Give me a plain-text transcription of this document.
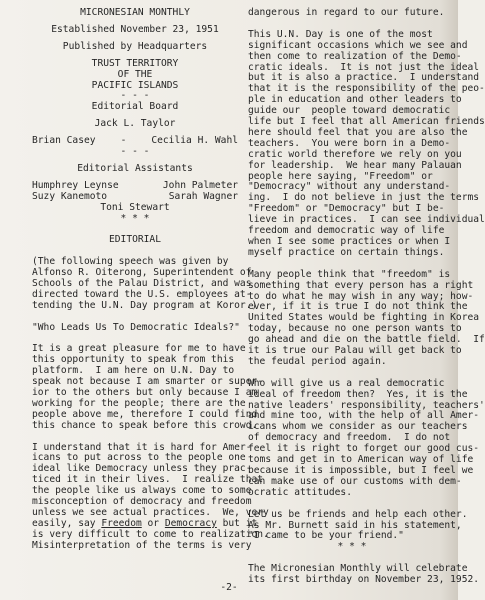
MICRONESIAN MONTHLY

Established November 23, 1951

Published by Headquarters

TRUST TERRITORY

OF THE

PACIFIC ISLANDS

- - -

Editorial Board

Jack L. Taylor

Brian Casey	-	Cecilia H. Wahl

- - -

Editorial Assistants

Humphrey Leynse	John Palmeter
Suzy Kanemoto	Sarah Wagner

Toni Stewart

* * *

EDITORIAL

(The following speech was given by

Alfonso R. Oiterong, Superintendent of

Schools of the Palau District, and was

directed toward the U.S. employees at-

tending the U.N. Day program at Koror.)

"Who Leads Us To Democratic Ideals?"

It is a great pleasure for me to have

this opportunity to speak from this

platform.  I am here on U.N. Day to

speak not because I am smarter or super-

ior to the others but only because I am

working for the people; there are the

people above me, therefore I could find

this chance to speak before this crowd.

I understand that it is hard for Amer-

icans to put across to the people one

ideal like Democracy unless they prac-

ticed it in their lives.  I realize that

the people like us always come to some

misconception of democracy and freedom

unless we see actual practices.  We, very

easily, say Freedom or Democracy but it

is very difficult to come to realization.

Misinterpretation of the terms is very

dangerous in regard to our future.

This U.N. Day is one of the most

significant occasions which we see and

then come to realization of the Demo-

cratic ideals.  It is not just the ideal

but it is also a practice.  I understand

that it is the responsibility of the peo-

ple in education and other leaders to

guide our  people toward democratic

life but I feel that all American friends

here should feel that you are also the

teachers.  You were born in a Demo-

cratic world therefore we rely on you

for leadership.  We hear many Palauan

people here saying, "Freedom" or

"Democracy" without any understand-

ing.  I do not believe in just the terms

"Freedom" or "Democracy" but I be-

lieve in practices.  I can see individual

freedom and democratic way of life

when I see some practices or when I

myself practice on certain things.

Many people think that "freedom" is

something that every person has a right

to do what he may wish in any way; how-

ever, if it is true I do not think the

United States would be fighting in Korea

today, because no one person wants to

go ahead and die on the battle field.  If

it is true our Palau will get back to

the feudal period again.

Who will give us a real democratic

ideal of freedom then?  Yes, it is the

native leaders' responsibility, teachers'

and mine too, with the help of all Amer-

icans whom we consider as our teachers

of democracy and freedom.  I do not

feel it is right to forget our good cus-

toms and get in to American way of life

because it is impossible, but I feel we

can make use of our customs with dem-

ocratic attitudes.

Let us be friends and help each other.

As Mr. Burnett said in his statement,

"I came to be your friend."

* * *

The Micronesian Monthly will celebrate

its first birthday on November 23, 1952.

-2-
